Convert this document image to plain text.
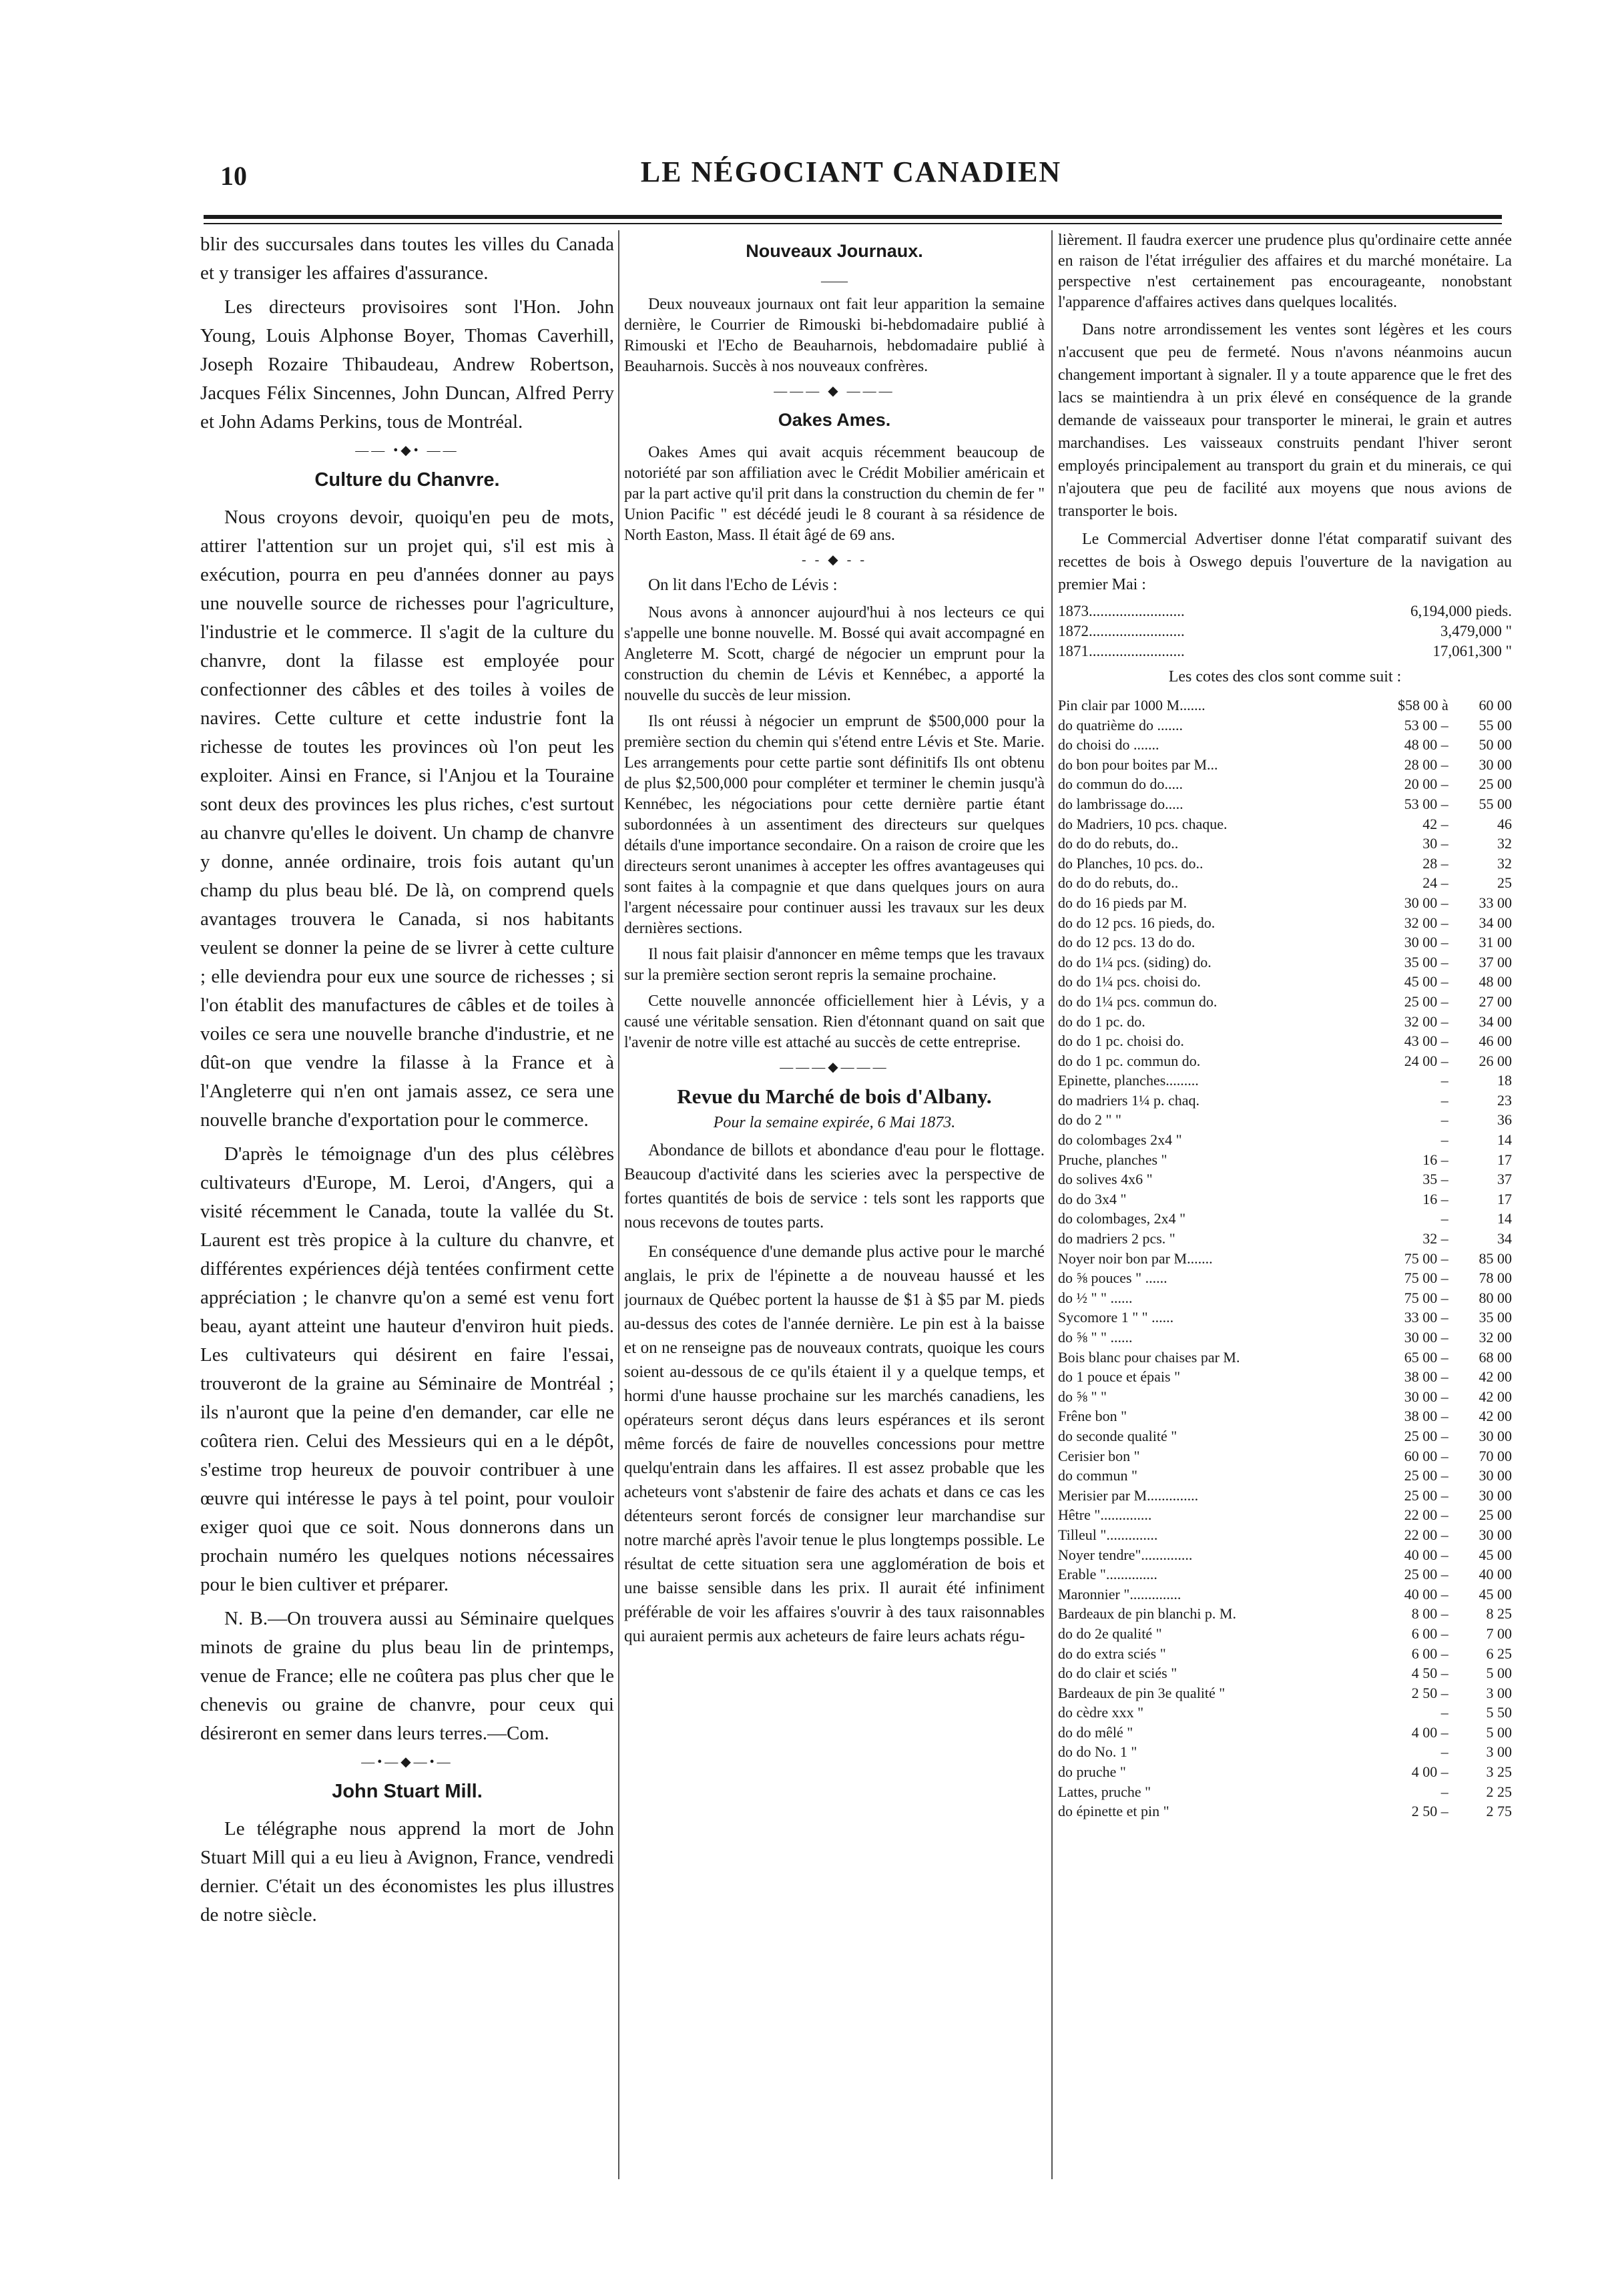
10	LE NÉGOCIANT CANADIEN

blir des succursales dans toutes les villes du Canada et y transiger les affaires d'assurance.

Les directeurs provisoires sont l'Hon. John Young, Louis Alphonse Boyer, Thomas Caverhill, Joseph Rozaire Thibaudeau, Andrew Robertson, Jacques Félix Sincennes, John Duncan, Alfred Perry et John Adams Perkins, tous de Montréal.

—— •◆• ——
Culture du Chanvre.

Nous croyons devoir, quoiqu'en peu de mots, attirer l'attention sur un projet qui, s'il est mis à exécution, pourra en peu d'années donner au pays une nouvelle source de richesses pour l'agriculture, l'industrie et le commerce. Il s'agit de la culture du chanvre, dont la filasse est employée pour confectionner des câbles et des toiles à voiles de navires. Cette culture et cette industrie font la richesse de toutes les provinces où l'on peut les exploiter. Ainsi en France, si l'Anjou et la Touraine sont deux des provinces les plus riches, c'est surtout au chanvre qu'elles le doivent. Un champ de chanvre y donne, année ordinaire, trois fois autant qu'un champ du plus beau blé. De là, on comprend quels avantages trouvera le Canada, si nos habitants veulent se donner la peine de se livrer à cette culture ; elle deviendra pour eux une source de richesses ; si l'on établit des manufactures de câbles et de toiles à voiles ce sera une nouvelle branche d'industrie, et ne dût-on que vendre la filasse à la France et à l'Angleterre qui n'en ont jamais assez, ce sera une nouvelle branche d'exportation pour le commerce.

D'après le témoignage d'un des plus célèbres cultivateurs d'Europe, M. Leroi, d'Angers, qui a visité récemment le Canada, toute la vallée du St. Laurent est très propice à la culture du chanvre, et différentes expériences déjà tentées confirment cette appréciation ; le chanvre qu'on a semé est venu fort beau, ayant atteint une hauteur d'environ huit pieds. Les cultivateurs qui désirent en faire l'essai, trouveront de la graine au Séminaire de Montréal ; ils n'auront que la peine d'en demander, car elle ne coûtera rien. Celui des Messieurs qui en a le dépôt, s'estime trop heureux de pouvoir contribuer à une œuvre qui intéresse le pays à tel point, pour vouloir exiger quoi que ce soit. Nous donnerons dans un prochain numéro les quelques notions nécessaires pour le bien cultiver et préparer.

N. B.—On trouvera aussi au Séminaire quelques minots de graine du plus beau lin de printemps, venue de France; elle ne coûtera pas plus cher que le chenevis ou graine de chanvre, pour ceux qui désireront en semer dans leurs terres.—Com.

—•—◆—•—
John Stuart Mill.

Le télégraphe nous apprend la mort de John Stuart Mill qui a eu lieu à Avignon, France, vendredi dernier. C'était un des économistes les plus illustres de notre siècle.

Nouveaux Journaux.
——

Deux nouveaux journaux ont fait leur apparition la semaine dernière, le Courrier de Rimouski bi-hebdomadaire publié à Rimouski et l'Echo de Beauharnois, hebdomadaire publié à Beauharnois. Succès à nos nouveaux confrères.

——— ◆ ———
Oakes Ames.

Oakes Ames qui avait acquis récemment beaucoup de notoriété par son affiliation avec le Crédit Mobilier américain et par la part active qu'il prit dans la construction du chemin de fer " Union Pacific " est décédé jeudi le 8 courant à sa résidence de North Easton, Mass. Il était âgé de 69 ans.

- - ◆ - -

On lit dans l'Echo de Lévis :

Nous avons à annoncer aujourd'hui à nos lecteurs ce qui s'appelle une bonne nouvelle. M. Bossé qui avait accompagné en Angleterre M. Scott, chargé de négocier un emprunt pour la construction du chemin de Lévis et Kennébec, a apporté la nouvelle du succès de leur mission.

Ils ont réussi à négocier un emprunt de $500,000 pour la première section du chemin qui s'étend entre Lévis et Ste. Marie. Les arrangements pour cette partie sont définitifs Ils ont obtenu de plus $2,500,000 pour compléter et terminer le chemin jusqu'à Kennébec, les négociations pour cette dernière partie étant subordonnées à un assentiment des directeurs sur quelques détails d'une importance secondaire. On a raison de croire que les directeurs seront unanimes à accepter les offres avantageuses qui sont faites à la compagnie et que dans quelques jours on aura l'argent nécessaire pour continuer aussi les travaux sur les deux dernières sections.

Il nous fait plaisir d'annoncer en même temps que les travaux sur la première section seront repris la semaine prochaine.

Cette nouvelle annoncée officiellement hier à Lévis, y a causé une véritable sensation. Rien d'étonnant quand on sait que l'avenir de notre ville est attaché au succès de cette entreprise.

———◆———
Revue du Marché de bois d'Albany.
Pour la semaine expirée, 6 Mai 1873.

Abondance de billots et abondance d'eau pour le flottage. Beaucoup d'activité dans les scieries avec la perspective de fortes quantités de bois de service : tels sont les rapports que nous recevons de toutes parts.

En conséquence d'une demande plus active pour le marché anglais, le prix de l'épinette a de nouveau haussé et les journaux de Québec portent la hausse de $1 à $5 par M. pieds au-dessus des cotes de l'année dernière. Le pin est à la baisse et on ne renseigne pas de nouveaux contrats, quoique les cours soient au-dessous de ce qu'ils étaient il y a quelque temps, et hormi d'une hausse prochaine sur les marchés canadiens, les opérateurs seront déçus dans leurs espérances et ils seront même forcés de faire de nouvelles concessions pour mettre quelqu'entrain dans les affaires. Il est assez probable que les acheteurs vont s'abstenir de faire des achats et dans ce cas les détenteurs seront forcés de consigner leur marchandise sur notre marché après l'avoir tenue le plus longtemps possible. Le résultat de cette situation sera une agglomération de bois et une baisse sensible dans les prix. Il aurait été infiniment préférable de voir les affaires s'ouvrir à des taux raisonnables qui auraient permis aux acheteurs de faire leurs achats régu-

lièrement. Il faudra exercer une prudence plus qu'ordinaire cette année en raison de l'état irrégulier des affaires et du marché monétaire. La perspective n'est certainement pas encourageante, nonobstant l'apparence d'affaires actives dans quelques localités.

Dans notre arrondissement les ventes sont légères et les cours n'accusent que peu de fermeté. Nous n'avons néanmoins aucun changement important à signaler. Il y a toute apparence que le fret des lacs se maintiendra à un prix élevé en conséquence de la grande demande de vaisseaux pour transporter le minerai, le grain et autres marchandises. Les vaisseaux construits pendant l'hiver seront employés principalement au transport du grain et du minerais, ce qui n'ajoutera que peu de facilité aux moyens que nous avions de transporter le bois.

Le Commercial Advertiser donne l'état comparatif suivant des recettes de bois à Oswego depuis l'ouverture de la navigation au premier Mai :

1873.........................	6,194,000 pieds.
1872.........................	3,479,000 "
1871.........................	17,061,300 "
Les cotes des clos sont comme suit :
Pin clair par 1000 M.......	$58 00 à	60 00
do quatrième do .......	53 00 –	55 00
do choisi do .......	48 00 –	50 00
do bon pour boites par M...	28 00 –	30 00
do commun do do.....	20 00 –	25 00
do lambrissage do.....	53 00 –	55 00
do Madriers, 10 pcs. chaque.	42 –	46
do do do rebuts, do..	30 –	32
do Planches, 10 pcs. do..	28 –	32
do do do rebuts, do..	24 –	25
do do 16 pieds par M.	30 00 –	33 00
do do 12 pcs. 16 pieds, do.	32 00 –	34 00
do do 12 pcs. 13 do do.	30 00 –	31 00
do do 1¼ pcs. (siding) do.	35 00 –	37 00
do do 1¼ pcs. choisi do.	45 00 –	48 00
do do 1¼ pcs. commun do.	25 00 –	27 00
do do 1 pc. do.	32 00 –	34 00
do do 1 pc. choisi do.	43 00 –	46 00
do do 1 pc. commun do.	24 00 –	26 00
Epinette, planches.........	–	18
do madriers 1¼ p. chaq.	–	23
do do 2 " "	–	36
do colombages 2x4 "	–	14
Pruche, planches "	16 –	17
do solives 4x6 "	35 –	37
do do 3x4 "	16 –	17
do colombages, 2x4 "	–	14
do madriers 2 pcs. "	32 –	34
Noyer noir bon par M.......	75 00 –	85 00
do ⅝ pouces " ......	75 00 –	78 00
do ½ " " ......	75 00 –	80 00
Sycomore 1 " " ......	33 00 –	35 00
do ⅝ " " ......	30 00 –	32 00
Bois blanc pour chaises par M.	65 00 –	68 00
do 1 pouce et épais "	38 00 –	42 00
do ⅝ " "	30 00 –	42 00
Frêne bon "	38 00 –	42 00
do seconde qualité "	25 00 –	30 00
Cerisier bon "	60 00 –	70 00
do commun "	25 00 –	30 00
Merisier par M..............	25 00 –	30 00
Hêtre "..............	22 00 –	25 00
Tilleul "..............	22 00 –	30 00
Noyer tendre"..............	40 00 –	45 00
Erable "..............	25 00 –	40 00
Maronnier "..............	40 00 –	45 00
Bardeaux de pin blanchi p. M.	8 00 –	8 25
do do 2e qualité "	6 00 –	7 00
do do extra sciés "	6 00 –	6 25
do do clair et sciés "	4 50 –	5 00
Bardeaux de pin 3e qualité "	2 50 –	3 00
do cèdre xxx "	–	5 50
do do mêlé "	4 00 –	5 00
do do No. 1 "	–	3 00
do pruche "	4 00 –	3 25
Lattes, pruche "	–	2 25
do épinette et pin "	2 50 –	2 75
